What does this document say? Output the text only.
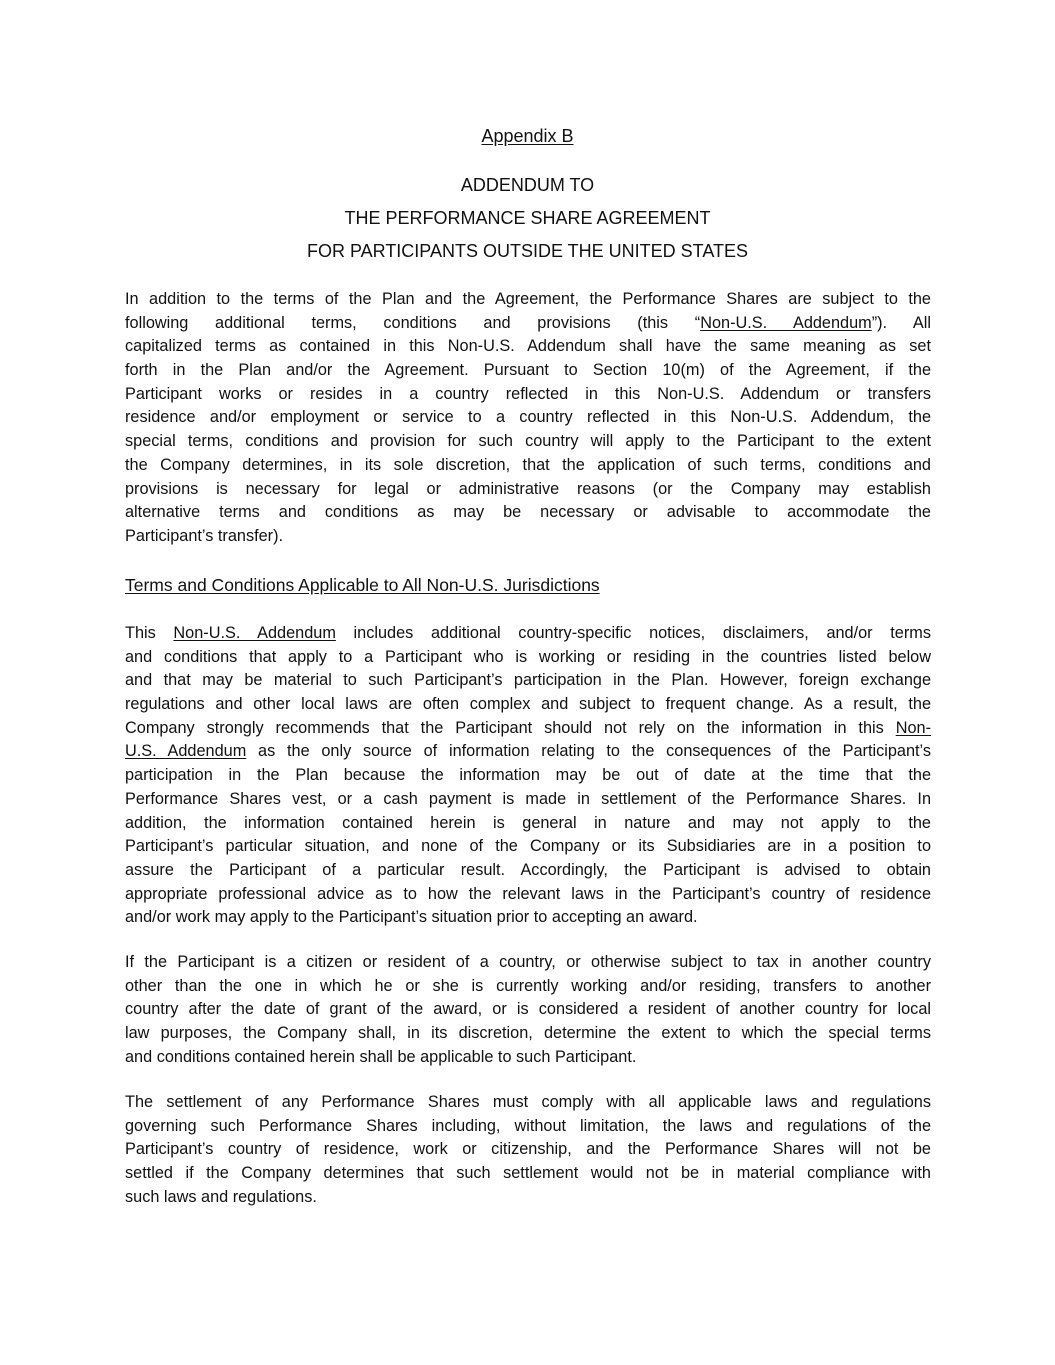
Appendix B
ADDENDUM TO
THE PERFORMANCE SHARE AGREEMENT
FOR PARTICIPANTS OUTSIDE THE UNITED STATES
In addition to the terms of the Plan and the Agreement, the Performance Shares are subject to the
following additional terms, conditions and provisions (this “Non-U.S. Addendum”). All
capitalized terms as contained in this Non-U.S. Addendum shall have the same meaning as set
forth in the Plan and/or the Agreement. Pursuant to Section 10(m) of the Agreement, if the
Participant works or resides in a country reflected in this Non-U.S. Addendum or transfers
residence and/or employment or service to a country reflected in this Non-U.S. Addendum, the
special terms, conditions and provision for such country will apply to the Participant to the extent
the Company determines, in its sole discretion, that the application of such terms, conditions and
provisions is necessary for legal or administrative reasons (or the Company may establish
alternative terms and conditions as may be necessary or advisable to accommodate the
Participant’s transfer).
Terms and Conditions Applicable to All Non-U.S. Jurisdictions
This Non-U.S. Addendum includes additional country-specific notices, disclaimers, and/or terms
and conditions that apply to a Participant who is working or residing in the countries listed below
and that may be material to such Participant’s participation in the Plan. However, foreign exchange
regulations and other local laws are often complex and subject to frequent change. As a result, the
Company strongly recommends that the Participant should not rely on the information in this Non-
U.S. Addendum as the only source of information relating to the consequences of the Participant’s
participation in the Plan because the information may be out of date at the time that the
Performance Shares vest, or a cash payment is made in settlement of the Performance Shares. In
addition, the information contained herein is general in nature and may not apply to the
Participant’s particular situation, and none of the Company or its Subsidiaries are in a position to
assure the Participant of a particular result. Accordingly, the Participant is advised to obtain
appropriate professional advice as to how the relevant laws in the Participant’s country of residence
and/or work may apply to the Participant’s situation prior to accepting an award.
If the Participant is a citizen or resident of a country, or otherwise subject to tax in another country
other than the one in which he or she is currently working and/or residing, transfers to another
country after the date of grant of the award, or is considered a resident of another country for local
law purposes, the Company shall, in its discretion, determine the extent to which the special terms
and conditions contained herein shall be applicable to such Participant.
The settlement of any Performance Shares must comply with all applicable laws and regulations
governing such Performance Shares including, without limitation, the laws and regulations of the
Participant’s country of residence, work or citizenship, and the Performance Shares will not be
settled if the Company determines that such settlement would not be in material compliance with
such laws and regulations.
